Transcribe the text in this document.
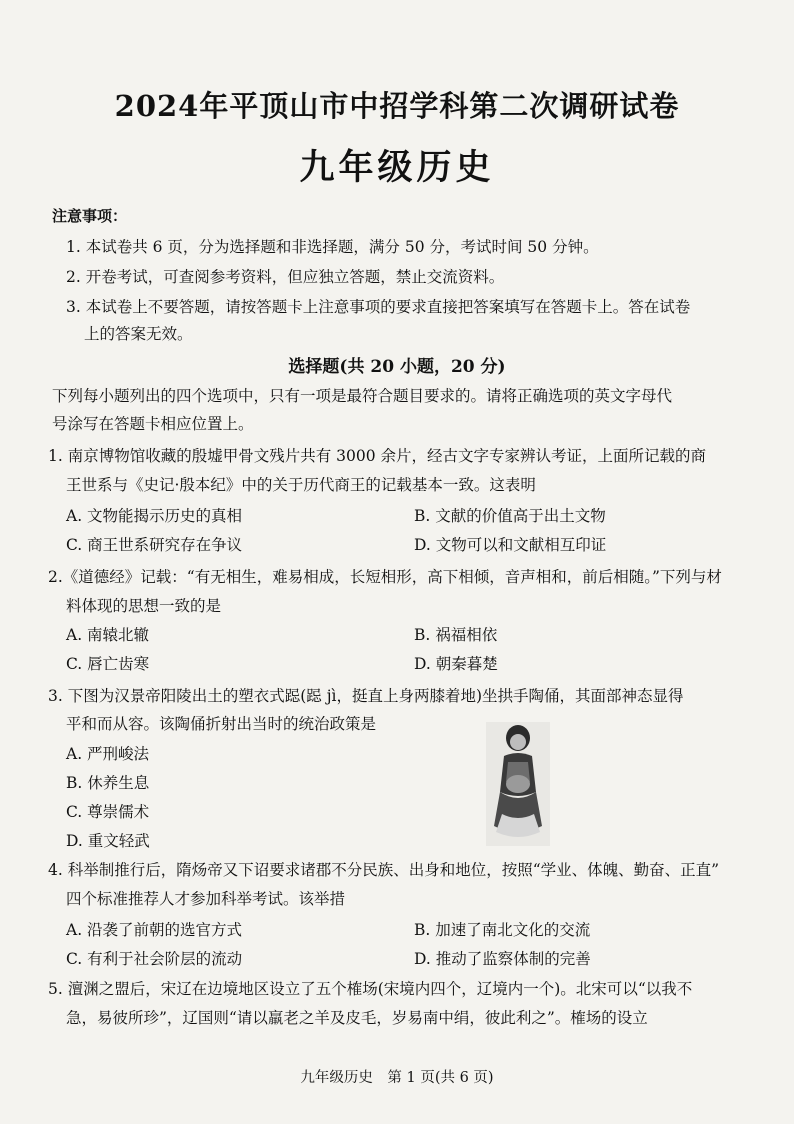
2024年平顶山市中招学科第二次调研试卷
九年级历史
注意事项：
1. 本试卷共 6 页，分为选择题和非选择题，满分 50 分，考试时间 50 分钟。
2. 开卷考试，可查阅参考资料，但应独立答题，禁止交流资料。
3. 本试卷上不要答题，请按答题卡上注意事项的要求直接把答案填写在答题卡上。答在试卷
上的答案无效。
选择题(共 20 小题，20 分)
下列每小题列出的四个选项中，只有一项是最符合题目要求的。请将正确选项的英文字母代
号涂写在答题卡相应位置上。
1. 南京博物馆收藏的殷墟甲骨文残片共有 3000 余片，经古文字专家辨认考证，上面所记载的商
王世系与《史记·殷本纪》中的关于历代商王的记载基本一致。这表明
A. 文物能揭示历史的真相	B. 文献的价值高于出土文物
C. 商王世系研究存在争议	D. 文物可以和文献相互印证
2.《道德经》记载：“有无相生，难易相成，长短相形，高下相倾，音声相和，前后相随。”下列与材
料体现的思想一致的是
A. 南辕北辙	B. 祸福相依
C. 唇亡齿寒	D. 朝秦暮楚
3. 下图为汉景帝阳陵出土的塑衣式跽(跽 jì，挺直上身两膝着地)坐拱手陶俑，其面部神态显得
平和而从容。该陶俑折射出当时的统治政策是
A. 严刑峻法
B. 休养生息
C. 尊崇儒术
D. 重文轻武
4. 科举制推行后，隋炀帝又下诏要求诸郡不分民族、出身和地位，按照“学业、体魄、勤奋、正直”
四个标准推荐人才参加科举考试。该举措
A. 沿袭了前朝的选官方式	B. 加速了南北文化的交流
C. 有利于社会阶层的流动	D. 推动了监察体制的完善
5. 澶渊之盟后，宋辽在边境地区设立了五个榷场(宋境内四个，辽境内一个)。北宋可以“以我不
急，易彼所珍”，辽国则“请以羸老之羊及皮毛，岁易南中绢，彼此利之”。榷场的设立
九年级历史　第 1 页(共 6 页)
